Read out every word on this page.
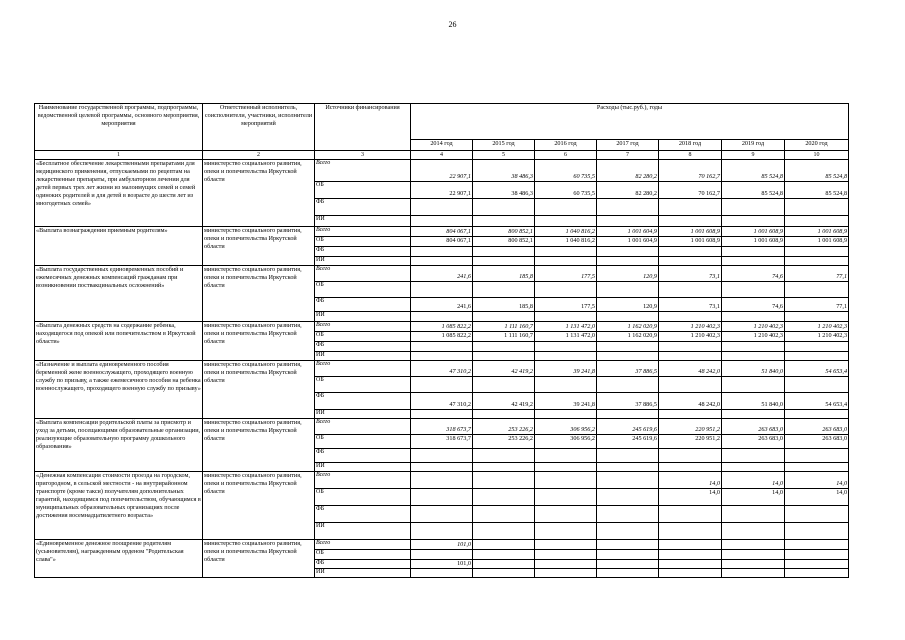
26
Наименование государственной программы, подпрограммы, ведомственной целевой программы, основного мероприятия, мероприятия	Ответственный исполнитель, соисполнители, участники, исполнители мероприятий	Источники финансирования	Расходы (тыс.руб.), годы						
			2014 год	2015 год	2016 год	2017 год	2018 год	2019 год	2020 год
1	2	3	4	5	6	7	8	9	10
«Бесплатное обеспечение лекарственными препаратами для медицинского применения, отпускаемыми по рецептам на лекарственные препараты, при амбулаторном лечении для детей первых трех лет жизни из малоимущих семей и семей одиноких родителей и для детей в возрасте до шести лет из многодетных семей»	министерство социального развития, опеки и попечительства Иркутской области	Всего	22 907,1	38 486,3	60 735,5	82 280,2	70 162,7	85 524,8	85 524,8
		ОБ	22 907,1	38 486,3	60 735,5	82 280,2	70 162,7	85 524,8	85 524,8
		ФБ							
		ИИ							
«Выплата вознаграждения приемным родителям»	министерство социального развития, опеки и попечительства Иркутской области	Всего	804 067,1	800 852,1	1 040 816,2	1 001 604,9	1 001 608,9	1 001 608,9	1 001 608,9
		ОБ	804 067,1	800 852,1	1 040 816,2	1 001 604,9	1 001 608,9	1 001 608,9	1 001 608,9
		ФБ							
		ИИ							
«Выплата государственных единовременных пособий и ежемесячных денежных компенсаций гражданам при возникновении поствакцинальных осложнений»	министерство социального развития, опеки и попечительства Иркутской области	Всего	241,6	185,8	177,5	120,9	73,1	74,6	77,1
		ОБ							
		ФБ	241,6	185,8	177,5	120,9	73,1	74,6	77,1
		ИИ							
«Выплата денежных средств на содержание ребенка, находящегося под опекой или попечительством в Иркутской области»	министерство социального развития, опеки и попечительства Иркутской области	Всего	1 085 822,2	1 111 160,7	1 131 472,0	1 162 020,9	1 210 402,3	1 210 402,3	1 210 402,3
		ОБ	1 085 822,2	1 111 160,7	1 131 472,0	1 162 020,9	1 210 402,3	1 210 402,3	1 210 402,3
		ФБ							
		ИИ							
«Назначение и выплата единовременного пособия беременной жене военнослужащего, проходящего военную службу по призыву, а также ежемесячного пособия на ребенка военнослужащего, проходящего военную службу по призыву»	министерство социального развития, опеки и попечительства Иркутской области	Всего	47 310,2	42 419,2	39 241,8	37 886,5	48 242,0	51 840,0	54 653,4
		ОБ							
		ФБ	47 310,2	42 419,2	39 241,8	37 886,5	48 242,0	51 840,0	54 653,4
		ИИ							
«Выплата компенсации родительской платы за присмотр и уход за детьми, посещающими образовательные организации, реализующие образовательную программу дошкольного образования»	министерство социального развития, опеки и попечительства Иркутской области	Всего	318 673,7	253 226,2	306 956,2	245 619,6	220 951,2	263 683,0	263 683,0
		ОБ	318 673,7	253 226,2	306 956,2	245 619,6	220 951,2	263 683,0	263 683,0
		ФБ							
		ИИ							
«Денежная компенсация стоимости проезда на городском, пригородном, в сельской местности - на внутрирайонном транспорте (кроме такси) получателям дополнительных гарантий, находящимся под попечительством, обучающимся в муниципальных образовательных организациях после достижения восемнадцатилетнего возраста»	министерство социального развития, опеки и попечительства Иркутской области	Всего					14,0	14,0	14,0
		ОБ					14,0	14,0	14,0
		ФБ							
		ИИ							
«Единовременное денежное поощрение родителям (усыновителям), награжденным орденом "Родительская слава"»	министерство социального развития, опеки и попечительства Иркутской области	Всего	101,0						
		ОБ							
		ФБ	101,0						
		ИИ							
